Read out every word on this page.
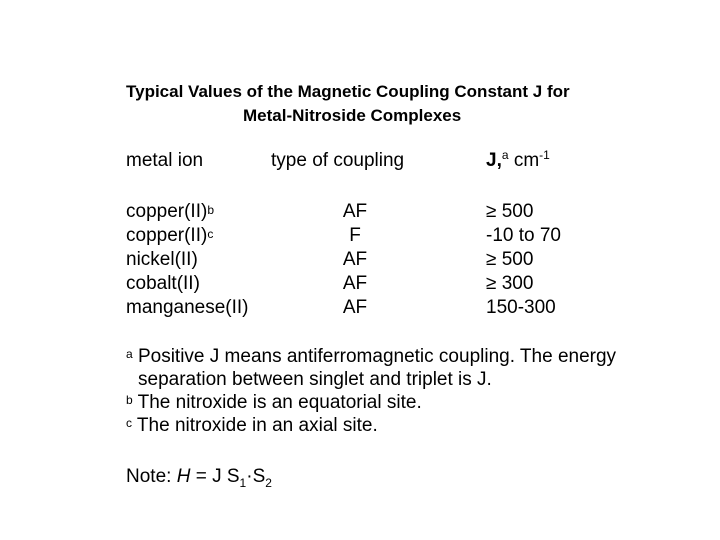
Typical Values of the Magnetic Coupling Constant J for
Metal-Nitroside Complexes
metal ion	type of coupling	J,$^a$ $cm^{-1}$
copper(II)$^b$
copper(II)$^c$
nickel(II)
cobalt(II)
manganese(II)
AF
F
AF
AF
AF
≥ 500
-10 to 70
≥ 500
≥ 300
150-300
$^a$ Positive J means antiferromagnetic coupling. The energy
separation between singlet and triplet is J.
$^b$ The nitroxide is an equatorial site.
$^c$ The nitroxide in an axial site.
Note: H = J $S_1\cdot S_2$
